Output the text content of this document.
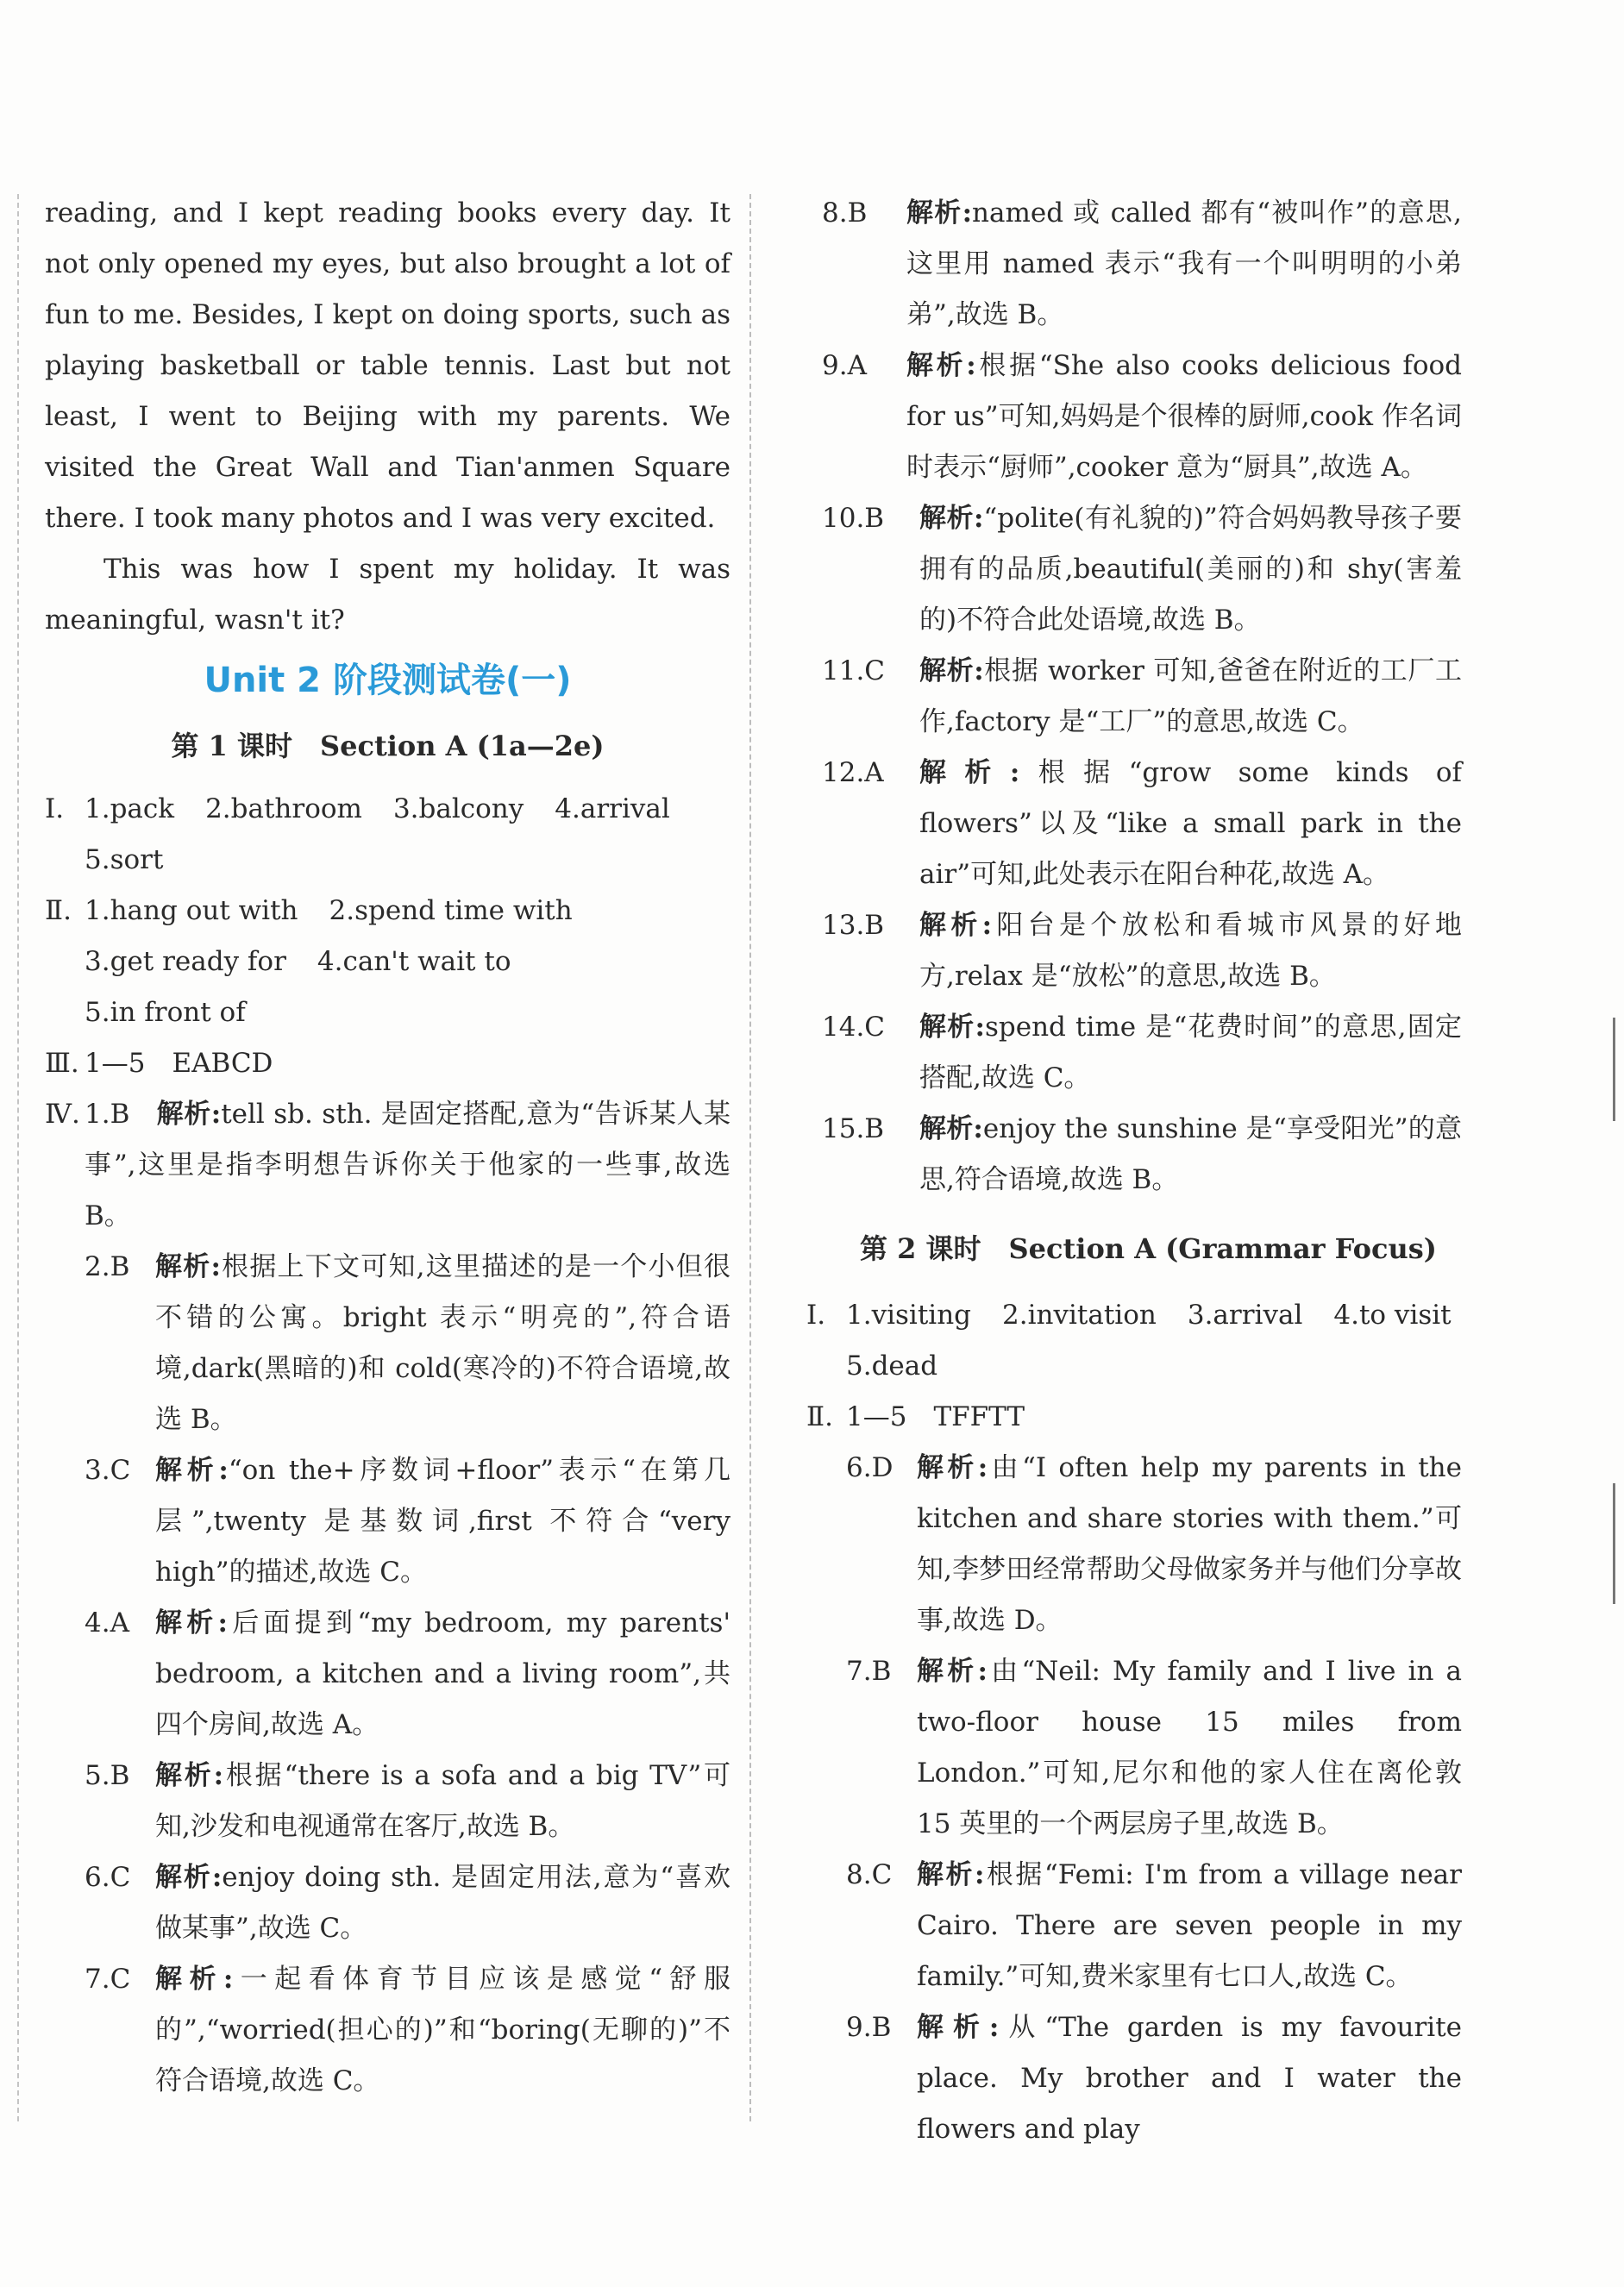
reading, and I kept reading books every day. It not only opened my eyes, but also brought a lot of fun to me. Besides, I kept on doing sports, such as playing basketball or table tennis. Last but not least, I went to Beijing with my parents. We visited the Great Wall and Tian'anmen Square there. I took many photos and I was very excited.

This was how I spent my holiday. It was meaningful, wasn't it?

Unit 2 阶段测试卷(一)
第 1 课时　Section A (1a—2e)
Ⅰ. 1.pack 2.bathroom 3.balcony 4.arrival
5.sort
Ⅱ. 1.hang out with 2.spend time with
3.get ready for 4.can't wait to
5.in front of
Ⅲ. 1—5　EABCD
Ⅳ. 1.B 解析:tell sb. sth. 是固定搭配,意为“告诉某人某事”,这里是指李明想告诉你关于他家的一些事,故选 B。
2.B 解析:根据上下文可知,这里描述的是一个小但很不错的公寓。bright 表示“明亮的”,符合语境,dark(黑暗的)和 cold(寒冷的)不符合语境,故选 B。
3.C 解析:“on the+序数词+floor”表示“在第几层”,twenty 是基数词,first 不符合“very high”的描述,故选 C。
4.A 解析:后面提到“my bedroom, my parents' bedroom, a kitchen and a living room”,共四个房间,故选 A。
5.B 解析:根据“there is a sofa and a big TV”可知,沙发和电视通常在客厅,故选 B。
6.C 解析:enjoy doing sth. 是固定用法,意为“喜欢做某事”,故选 C。
7.C 解析:一起看体育节目应该是感觉“舒服的”,“worried(担心的)”和“boring(无聊的)”不符合语境,故选 C。
8.B	解析:named 或 called 都有“被叫作”的意思,这里用 named 表示“我有一个叫明明的小弟弟”,故选 B。
9.A	解析:根据“She also cooks delicious food for us”可知,妈妈是个很棒的厨师,cook 作名词时表示“厨师”,cooker 意为“厨具”,故选 A。
10.B	解析:“polite(有礼貌的)”符合妈妈教导孩子要拥有的品质,beautiful(美丽的)和 shy(害羞的)不符合此处语境,故选 B。
11.C	解析:根据 worker 可知,爸爸在附近的工厂工作,factory 是“工厂”的意思,故选 C。
12.A	解析:根据“grow some kinds of flowers”以及“like a small park in the air”可知,此处表示在阳台种花,故选 A。
13.B	解析:阳台是个放松和看城市风景的好地方,relax 是“放松”的意思,故选 B。
14.C	解析:spend time 是“花费时间”的意思,固定搭配,故选 C。
15.B	解析:enjoy the sunshine 是“享受阳光”的意思,符合语境,故选 B。
第 2 课时　Section A (Grammar Focus)
Ⅰ. 1.visiting 2.invitation 3.arrival 4.to visit
5.dead
Ⅱ. 1—5　TFFTT
6.D 解析:由“I often help my parents in the kitchen and share stories with them.”可知,李梦田经常帮助父母做家务并与他们分享故事,故选 D。
7.B 解析:由“Neil: My family and I live in a two-floor house 15 miles from London.”可知,尼尔和他的家人住在离伦敦 15 英里的一个两层房子里,故选 B。
8.C 解析:根据“Femi: I'm from a village near Cairo. There are seven people in my family.”可知,费米家里有七口人,故选 C。
9.B 解析:从“The garden is my favourite place. My brother and I water the flowers and play
